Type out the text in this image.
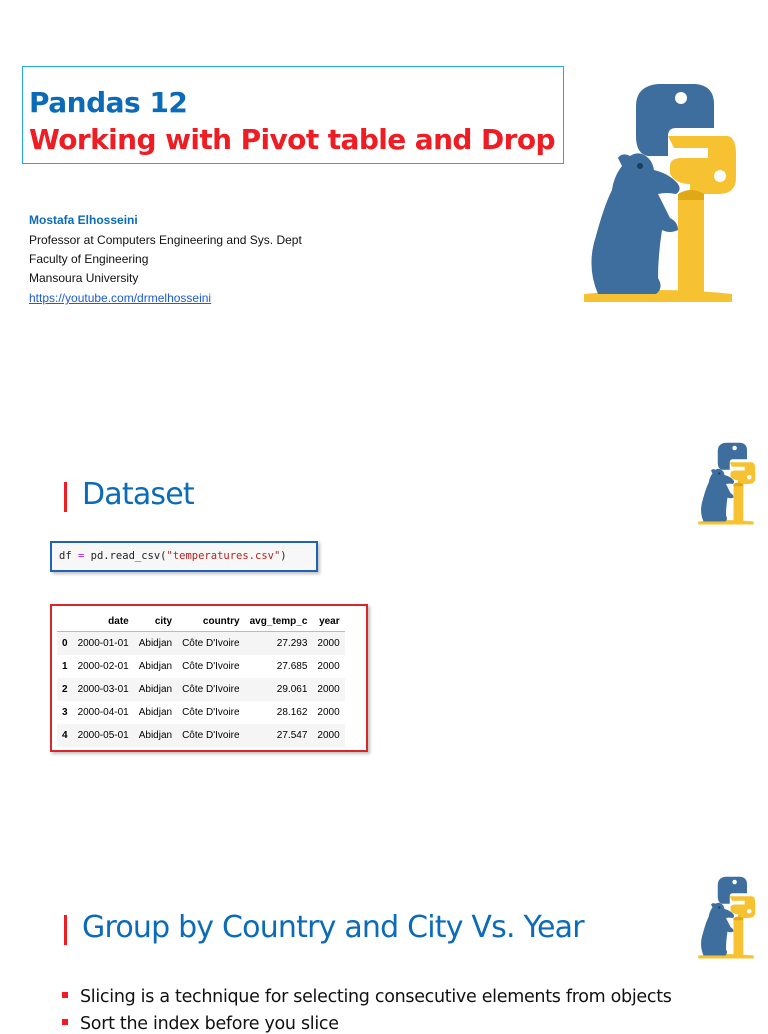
Pandas 12
Working with Pivot table and Drop
Mostafa Elhosseini
Professor at Computers Engineering and Sys. Dept
Faculty of Engineering
Mansoura University
https://youtube.com/drmelhosseini
Dataset
df = pd.read_csv("temperatures.csv")
	date	city	country	avg_temp_c	year
0	2000-01-01	Abidjan	Côte D'Ivoire	27.293	2000
1	2000-02-01	Abidjan	Côte D'Ivoire	27.685	2000
2	2000-03-01	Abidjan	Côte D'Ivoire	29.061	2000
3	2000-04-01	Abidjan	Côte D'Ivoire	28.162	2000
4	2000-05-01	Abidjan	Côte D'Ivoire	27.547	2000
Group by Country and City Vs. Year
Slicing is a technique for selecting consecutive elements from objects
Sort the index before you slice
